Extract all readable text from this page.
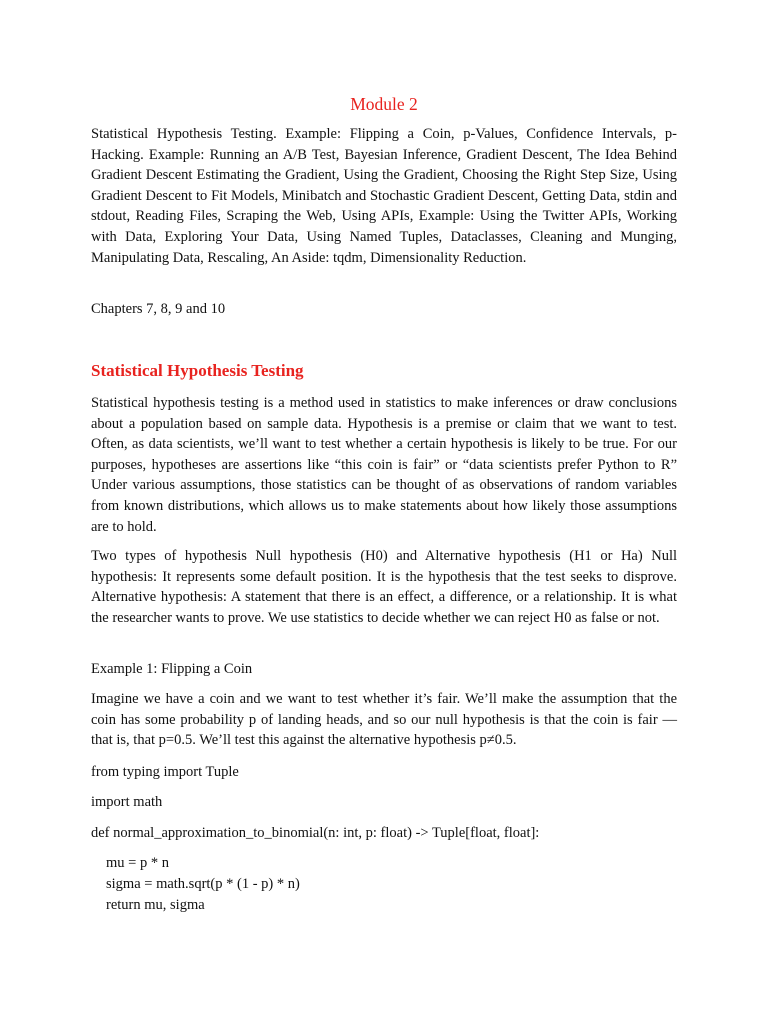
Module 2

Statistical Hypothesis Testing. Example: Flipping a Coin, p-Values, Confidence Intervals, p-Hacking. Example: Running an A/B Test, Bayesian Inference, Gradient Descent, The Idea Behind Gradient Descent Estimating the Gradient, Using the Gradient, Choosing the Right Step Size, Using Gradient Descent to Fit Models, Minibatch and Stochastic Gradient Descent, Getting Data, stdin and stdout, Reading Files, Scraping the Web, Using APIs, Example: Using the Twitter APIs, Working with Data, Exploring Your Data, Using Named Tuples, Dataclasses, Cleaning and Munging, Manipulating Data, Rescaling, An Aside: tqdm, Dimensionality Reduction.

Chapters 7, 8, 9 and 10

Statistical Hypothesis Testing

Statistical hypothesis testing is a method used in statistics to make inferences or draw conclusions about a population based on sample data. Hypothesis is a premise or claim that we want to test. Often, as data scientists, we’ll want to test whether a certain hypothesis is likely to be true. For our purposes, hypotheses are assertions like “this coin is fair” or “data scientists prefer Python to R” Under various assumptions, those statistics can be thought of as observations of random variables from known distributions, which allows us to make statements about how likely those assumptions are to hold.

Two types of hypothesis Null hypothesis (H0) and Alternative hypothesis (H1 or Ha) Null hypothesis: It represents some default position. It is the hypothesis that the test seeks to disprove. Alternative hypothesis: A statement that there is an effect, a difference, or a relationship. It is what the researcher wants to prove. We use statistics to decide whether we can reject H0 as false or not.

Example 1: Flipping a Coin

Imagine we have a coin and we want to test whether it’s fair. We’ll make the assumption that the coin has some probability p of landing heads, and so our null hypothesis is that the coin is fair — that is, that p=0.5. We’ll test this against the alternative hypothesis p≠0.5.

from typing import Tuple

import math

def normal_approximation_to_binomial(n: int, p: float) -> Tuple[float, float]:

mu = p * n
sigma = math.sqrt(p * (1 - p) * n)
return mu, sigma
